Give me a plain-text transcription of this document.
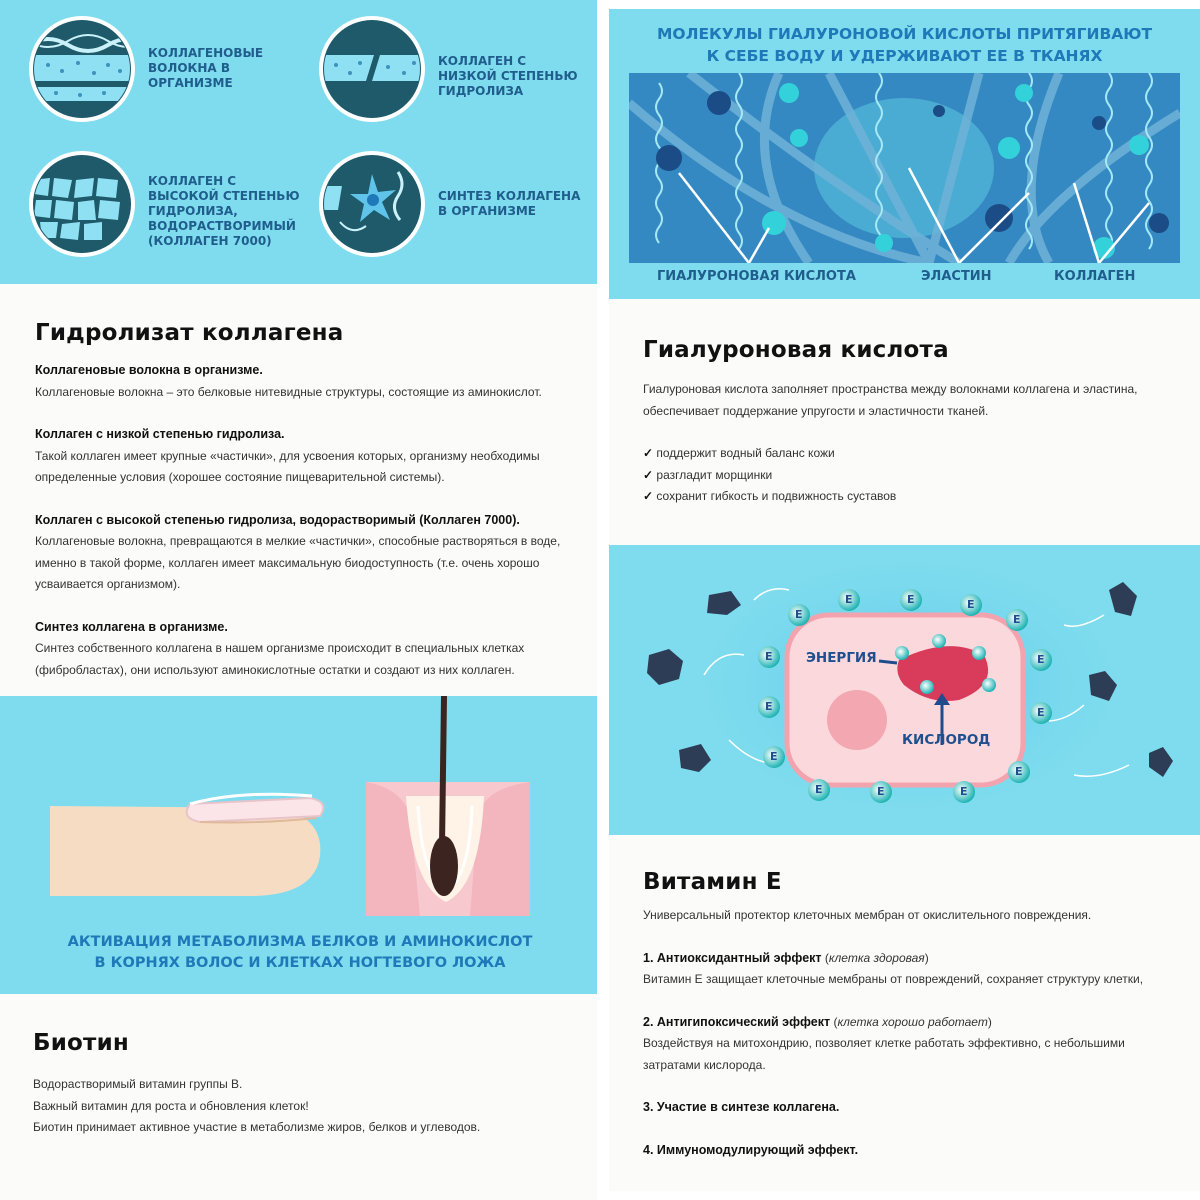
КОЛЛАГЕНОВЫЕ ВОЛОКНА В ОРГАНИЗМЕ
КОЛЛАГЕН С НИЗКОЙ СТЕПЕНЬЮ ГИДРОЛИЗА
КОЛЛАГЕН С ВЫСОКОЙ СТЕПЕНЬЮ ГИДРОЛИЗА, ВОДОРАСТВОРИМЫЙ (КОЛЛАГЕН 7000)
СИНТЕЗ КОЛЛАГЕНА В ОРГАНИЗМЕ
Гидролизат коллагена
Коллагеновые волокна в организме.
Коллагеновые волокна – это белковые нитевидные структуры, состоящие из аминокислот.
Коллаген с низкой степенью гидролиза.
Такой коллаген имеет крупные «частички», для усвоения которых, организму необходимы определенные условия (хорошее состояние пищеварительной системы).
Коллаген с высокой степенью гидролиза, водорастворимый (Коллаген 7000).
Коллагеновые волокна, превращаются в мелкие «частички», способные растворяться в воде, именно в такой форме, коллаген имеет максимальную биодоступность (т.е. очень хорошо усваивается организмом).
Синтез коллагена в организме.
Синтез собственного коллагена в нашем организме происходит в специальных клетках (фибробластах), они используют аминокислотные остатки и создают из них коллаген.
АКТИВАЦИЯ МЕТАБОЛИЗМА БЕЛКОВ И АМИНОКИСЛОТ
В КОРНЯХ ВОЛОС И КЛЕТКАХ НОГТЕВОГО ЛОЖА
Биотин
Водорастворимый витамин группы B.
Важный витамин для роста и обновления клеток!
Биотин принимает активное участие в метаболизме жиров, белков и углеводов.
МОЛЕКУЛЫ ГИАЛУРОНОВОЙ КИСЛОТЫ ПРИТЯГИВАЮТ
К СЕБЕ ВОДУ И УДЕРЖИВАЮТ ЕЕ В ТКАНЯХ
ГИАЛУРОНОВАЯ КИСЛОТА	ЭЛАСТИН	КОЛЛАГЕН
Гиалуроновая кислота
Гиалуроновая кислота заполняет пространства между волокнами коллагена и эластина, обеспечивает поддержание упругости и эластичности тканей.
✓ поддержит водный баланс кожи
✓ разгладит морщинки
✓ сохранит гибкость и подвижность суставов
ЭНЕРГИЯ
КИСЛОРОД
E
E	E	E
E
E
E
E
E	E	E
E
E
E
Витамин Е
Универсальный протектор клеточных мембран от окислительного повреждения.
1. Антиоксидантный эффект (клетка здоровая)
Витамин Е защищает клеточные мембраны от повреждений, сохраняет структуру клетки,
2. Антигипоксический эффект (клетка хорошо работает)
Воздействуя на митохондрию, позволяет клетке работать эффективно, с небольшими затратами кислорода.
3. Участие в синтезе коллагена.
4. Иммуномодулирующий эффект.
